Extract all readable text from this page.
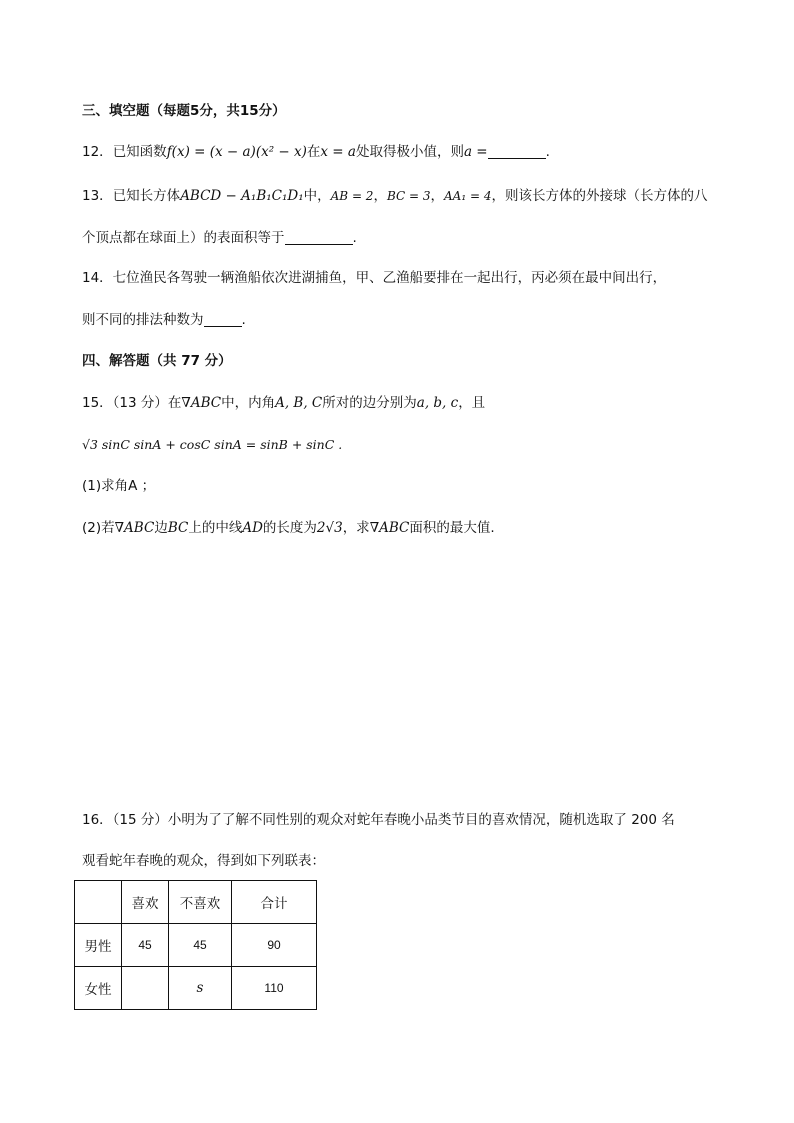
三、填空题（每题5分，共15分）
12．已知函数f(x) = (x − a)(x² − x)在x = a处取得极小值，则a =	.
13．已知长方体ABCD − A₁B₁C₁D₁中，AB = 2，BC = 3，AA₁ = 4，则该长方体的外接球（长方体的八
个顶点都在球面上）的表面积等于	.
14．七位渔民各驾驶一辆渔船依次进湖捕鱼，甲、乙渔船要排在一起出行，丙必须在最中间出行，
则不同的排法种数为	.
四、解答题（共 77 分）
15．（13 分）在∇ABC中，内角A, B, C所对的边分别为a, b, c，且
√3 sinC sinA + cosC sinA = sinB + sinC .
(1)求角A ；
(2)若∇ABC边BC上的中线AD的长度为2√3，求∇ABC面积的最大值.
16．（15 分）小明为了了解不同性别的观众对蛇年春晚小品类节目的喜欢情况，随机选取了 200 名
观看蛇年春晚的观众，得到如下列联表：
	喜欢	不喜欢	合计
男性	45	45	90
女性		s	110
